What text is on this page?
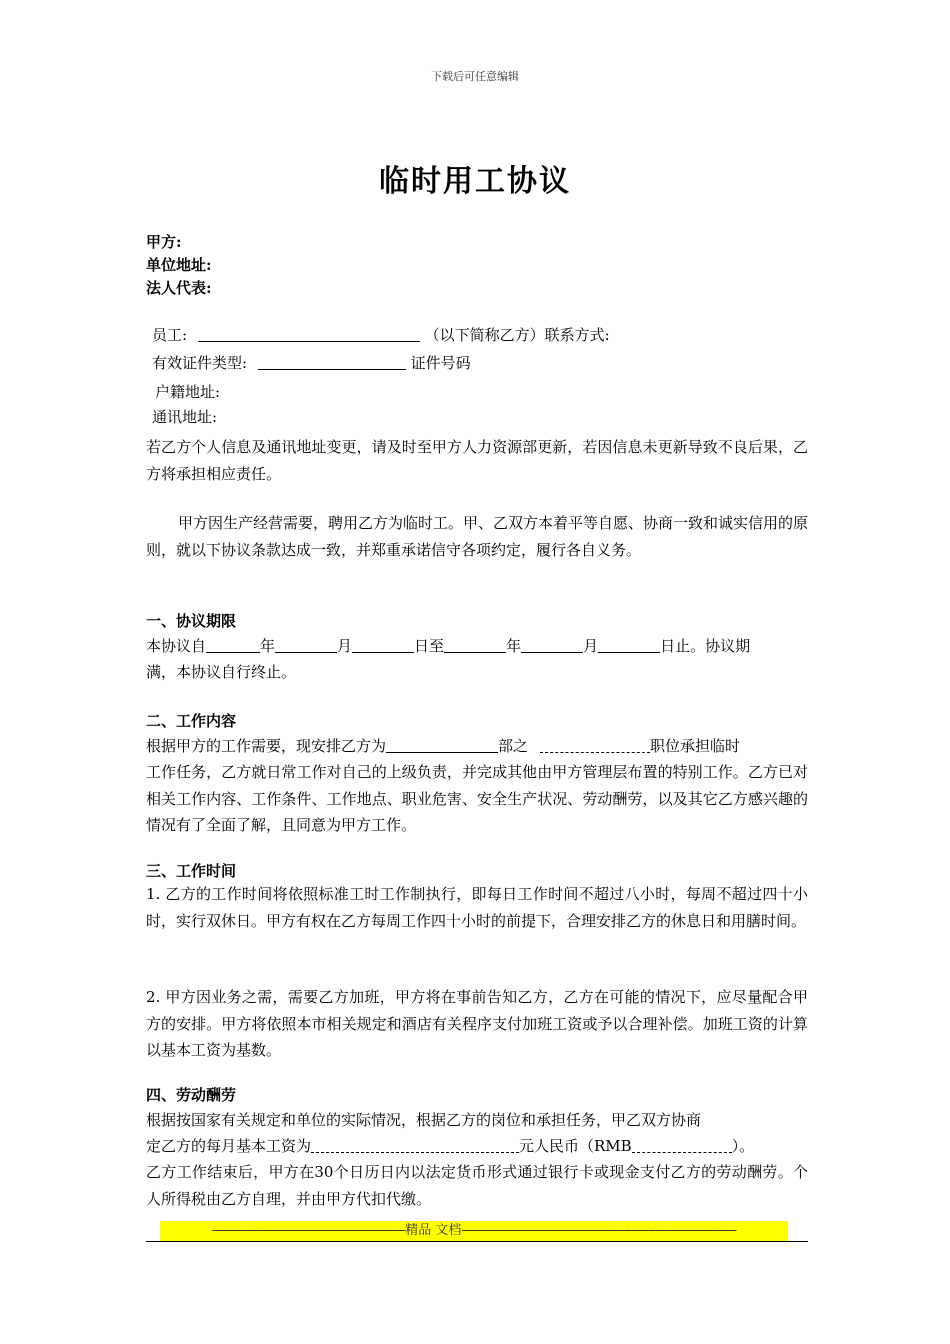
下载后可任意编辑
临时用工协议
甲方:
单位地址:
法人代表:
员工:	（以下简称乙方）联系方式:
有效证件类型:	证件号码
户籍地址:
通讯地址:
若乙方个人信息及通讯地址变更，请及时至甲方人力资源部更新，若因信息未更新导致不良后果，乙方将承担相应责任。
甲方因生产经营需要，聘用乙方为临时工。甲、乙双方本着平等自愿、协商一致和诚实信用的原则，就以下协议条款达成一致，并郑重承诺信守各项约定，履行各自义务。
一、协议期限
本协议自	年	月	日至	年	月	日止。协议期
满，本协议自行终止。
二、工作内容
根据甲方的工作需要，现安排乙方为	部之	职位承担临时
工作任务，乙方就日常工作对自己的上级负责，并完成其他由甲方管理层布置的特别工作。乙方已对相关工作内容、工作条件、工作地点、职业危害、安全生产状况、劳动酬劳，以及其它乙方感兴趣的情况有了全面了解，且同意为甲方工作。
三、工作时间
1. 乙方的工作时间将依照标准工时工作制执行，即每日工作时间不超过八小时，每周不超过四十小时，实行双休日。甲方有权在乙方每周工作四十小时的前提下，合理安排乙方的休息日和用膳时间。
2. 甲方因业务之需，需要乙方加班，甲方将在事前告知乙方，乙方在可能的情况下，应尽量配合甲方的安排。甲方将依照本市相关规定和酒店有关程序支付加班工资或予以合理补偿。加班工资的计算以基本工资为基数。
四、劳动酬劳
根据按国家有关规定和单位的实际情况，根据乙方的岗位和承担任务，甲乙双方协商
定乙方的每月基本工资为	元人民币（RMB	）。
乙方工作结束后，甲方在30个日历日内以法定货币形式通过银行卡或现金支付乙方的劳动酬劳。个人所得税由乙方自理，并由甲方代扣代缴。
---------------------------------------------------------精品 文档---------------------------------------------------------------------------------
